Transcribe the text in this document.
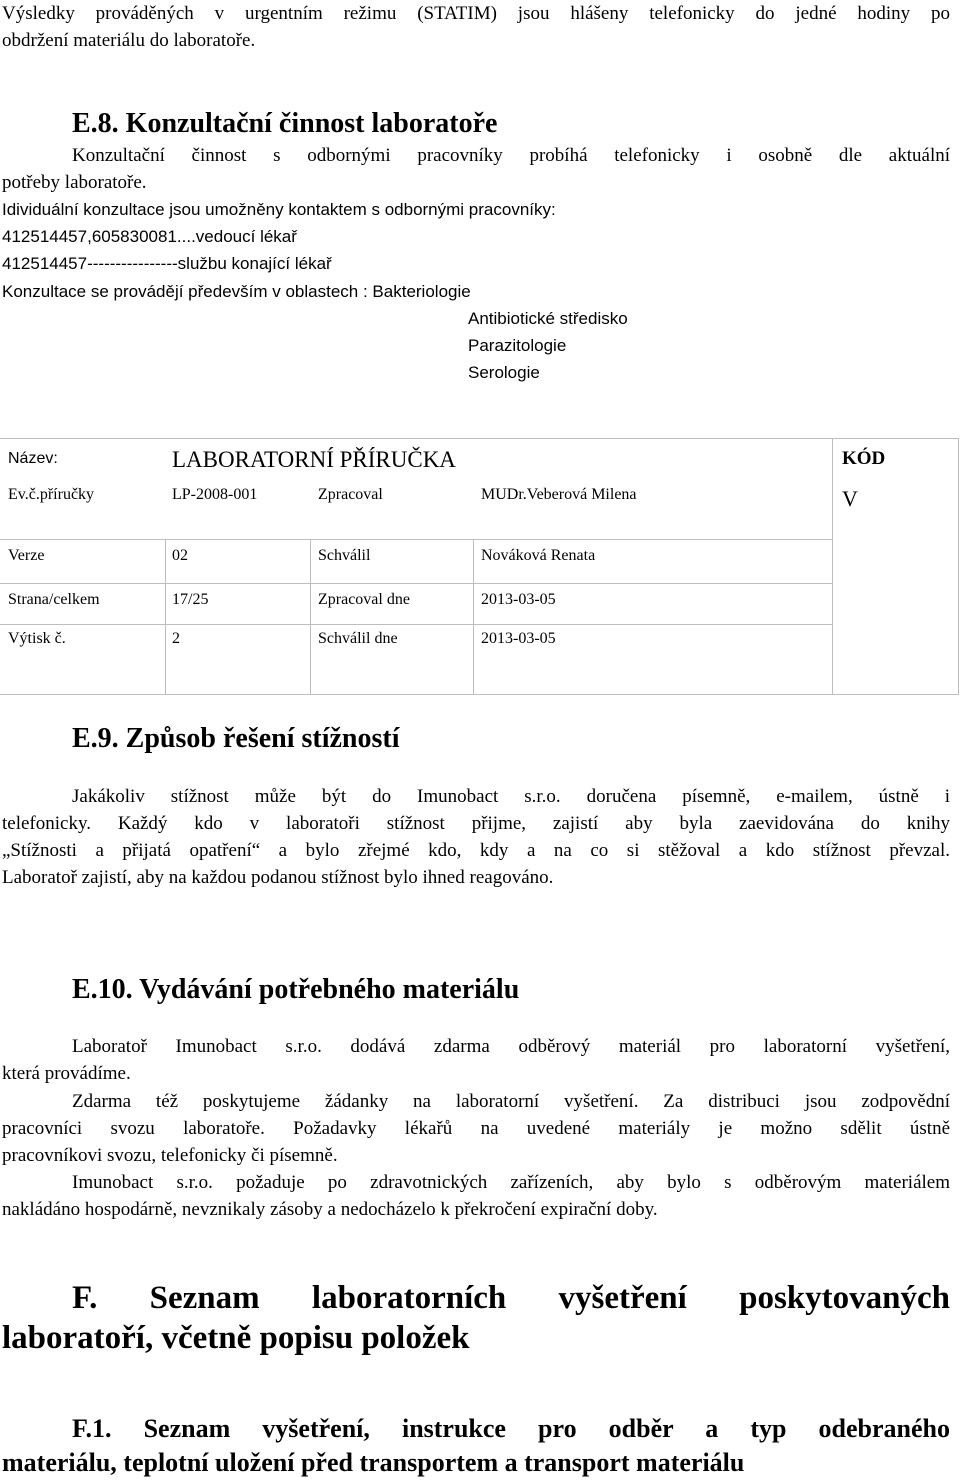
Výsledky prováděných v urgentním režimu (STATIM) jsou hlášeny telefonicky do jedné hodiny po
obdržení materiálu do laboratoře.
E.8. Konzultační činnost laboratoře
Konzultační činnost s odbornými pracovníky probíhá telefonicky i osobně dle aktuální
potřeby laboratoře.
Idividuální konzultace jsou umožněny kontaktem s odbornými pracovníky:
412514457,605830081....vedoucí lékař
412514457----------------službu konající lékař
Konzultace se provádějí především v oblastech : Bakteriologie
Antibiotické středisko
Parazitologie
Serologie
Název:	LABORATORNÍ PŘÍRUČKA	KÓD
V
Ev.č.příručky	LP-2008-001	Zpracoval	MUDr.Veberová Milena
Verze	02	Schválil	Nováková Renata
Strana/celkem	17/25	Zpracoval dne	2013-03-05
Výtisk č.	2	Schválil dne	2013-03-05
E.9. Způsob řešení stížností
Jakákoliv stížnost může být do Imunobact s.r.o. doručena písemně, e-mailem, ústně i
telefonicky. Každý kdo v laboratoři stížnost přijme, zajistí aby byla zaevidována do knihy
„Stížnosti a přijatá opatření“ a bylo zřejmé kdo, kdy a na co si stěžoval a kdo stížnost převzal.
Laboratoř zajistí, aby na každou podanou stížnost bylo ihned reagováno.
E.10. Vydávání potřebného materiálu
Laboratoř Imunobact s.r.o. dodává zdarma odběrový materiál pro laboratorní vyšetření,
která provádíme.
Zdarma též poskytujeme žádanky na laboratorní vyšetření. Za distribuci jsou zodpovědní
pracovníci svozu laboratoře. Požadavky lékařů na uvedené materiály je možno sdělit ústně
pracovníkovi svozu, telefonicky či písemně.
Imunobact s.r.o. požaduje po zdravotnických zařízeních, aby bylo s odběrovým materiálem
nakládáno hospodárně, nevznikaly zásoby a nedocházelo k překročení expirační doby.
F. Seznam laboratorních vyšetření poskytovaných
laboratoří, včetně popisu položek
F.1. Seznam vyšetření, instrukce pro odběr a typ odebraného
materiálu, teplotní uložení před transportem a transport materiálu
